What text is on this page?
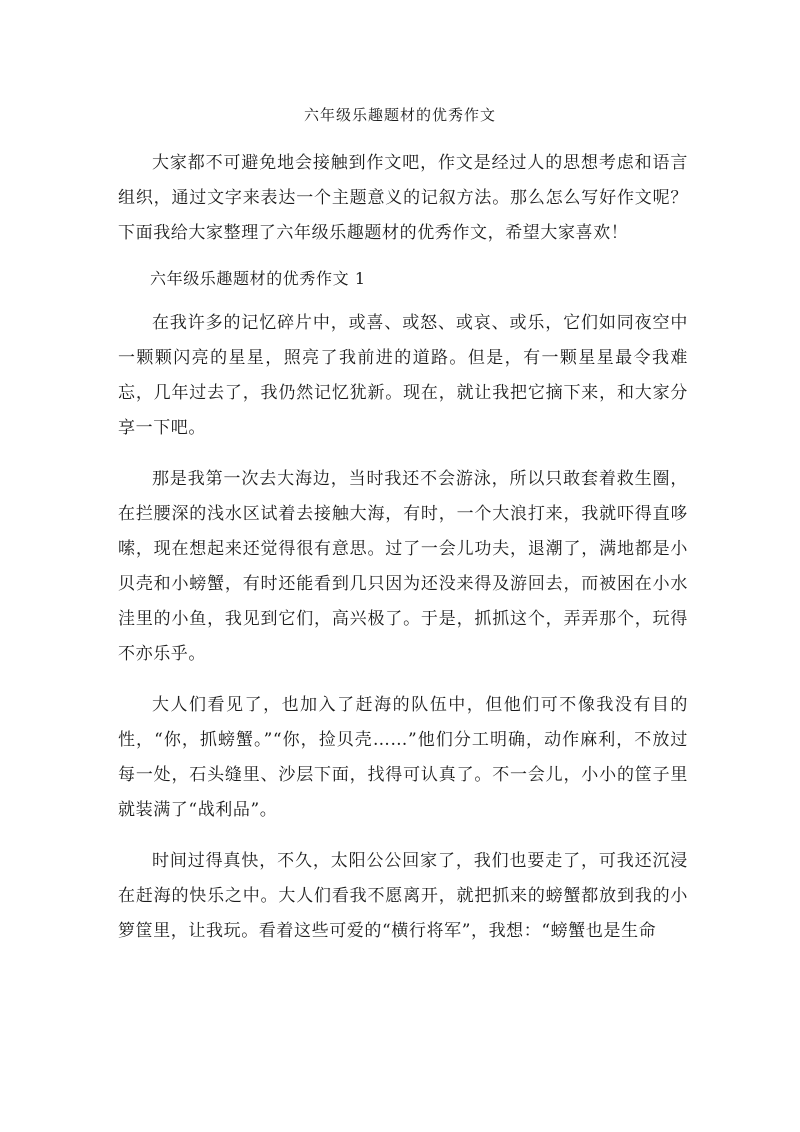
六年级乐趣题材的优秀作文

大家都不可避免地会接触到作文吧，作文是经过人的思想考虑和语言组织，通过文字来表达一个主题意义的记叙方法。那么怎么写好作文呢？下面我给大家整理了六年级乐趣题材的优秀作文，希望大家喜欢！

六年级乐趣题材的优秀作文 1

在我许多的记忆碎片中，或喜、或怒、或哀、或乐，它们如同夜空中一颗颗闪亮的星星，照亮了我前进的道路。但是，有一颗星星最令我难忘，几年过去了，我仍然记忆犹新。现在，就让我把它摘下来，和大家分享一下吧。

那是我第一次去大海边，当时我还不会游泳，所以只敢套着救生圈，在拦腰深的浅水区试着去接触大海，有时，一个大浪打来，我就吓得直哆嗦，现在想起来还觉得很有意思。过了一会儿功夫，退潮了，满地都是小贝壳和小螃蟹，有时还能看到几只因为还没来得及游回去，而被困在小水洼里的小鱼，我见到它们，高兴极了。于是，抓抓这个，弄弄那个，玩得不亦乐乎。

大人们看见了，也加入了赶海的队伍中，但他们可不像我没有目的性，“你，抓螃蟹。”“你，捡贝壳……”他们分工明确，动作麻利，不放过每一处，石头缝里、沙层下面，找得可认真了。不一会儿，小小的筐子里就装满了“战利品”。

时间过得真快，不久，太阳公公回家了，我们也要走了，可我还沉浸在赶海的快乐之中。大人们看我不愿离开，就把抓来的螃蟹都放到我的小箩筐里，让我玩。看着这些可爱的“横行将军”，我想：“螃蟹也是生命
